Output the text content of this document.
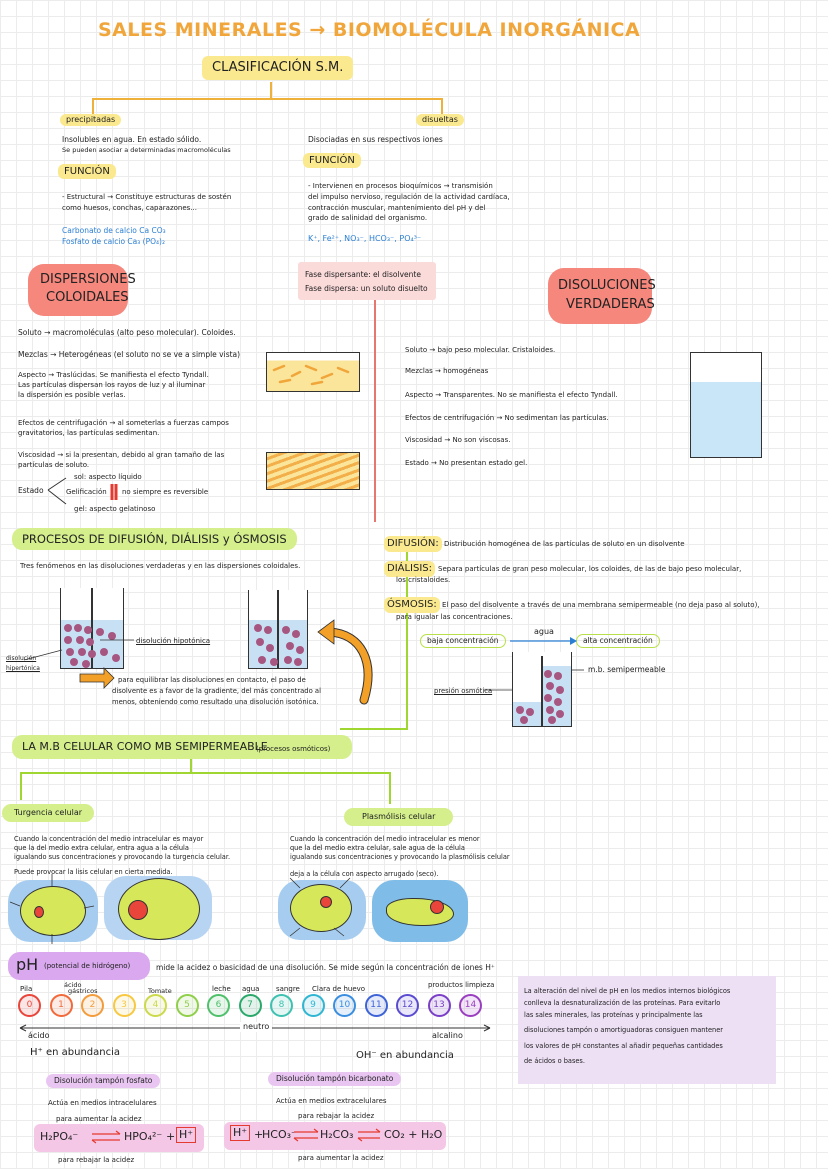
SALES MINERALES → BIOMOLÉCULA INORGÁNICA
CLASIFICACIÓN S.M.
precipitadas
Insolubles en agua. En estado sólido.
Se pueden asociar a determinadas macromoléculas
FUNCIÓN
- Estructural → Constituye estructuras de sostén
como huesos, conchas, caparazones...
Carbonato de calcio Ca CO₃
Fosfato de calcio Ca₃ (PO₄)₂
disueltas
Disociadas en sus respectivos iones
FUNCIÓN
- Intervienen en procesos bioquímicos → transmisión
del impulso nervioso, regulación de la actividad cardíaca,
contracción muscular, mantenimiento del pH y del
grado de salinidad del organismo.
K⁺, Fe²⁺, NO₃⁻, HCO₃⁻, PO₄³⁻
Fase dispersante: el disolvente
Fase dispersa: un soluto disuelto
DISPERSIONES
COLOIDALES
Soluto → macromoléculas (alto peso molecular). Coloides.
Mezclas → Heterogéneas (el soluto no se ve a simple vista)
Aspecto → Traslúcidas. Se manifiesta el efecto Tyndall.
Las partículas dispersan los rayos de luz y al iluminar
la dispersión es posible verlas.
Efectos de centrifugación → al someterlas a fuerzas campos
gravitatorios, las partículas sedimentan.
Viscosidad → si la presentan, debido al gran tamaño de las
partículas de soluto.
Estado
sol: aspecto líquido
Gelificación no siempre es reversible
gel: aspecto gelatinoso
DISOLUCIONES
VERDADERAS
Soluto → bajo peso molecular. Cristaloides.
Mezclas → homogéneas
Aspecto → Transparentes. No se manifiesta el efecto Tyndall.
Efectos de centrifugación → No sedimentan las partículas.
Viscosidad → No son viscosas.
Estado → No presentan estado gel.
PROCESOS DE DIFUSIÓN, DIÁLISIS y ÓSMOSIS
Tres fenómenos en las disoluciones verdaderas y en las dispersiones coloidales.
disolución hipotónica
disolución hipertónica
para equilibrar las disoluciones en contacto, el paso de
disolvente es a favor de la gradiente, del más concentrado al
menos, obteniendo como resultado una disolución isotónica.
DIFUSIÓN: Distribución homogénea de las partículas de soluto en un disolvente
DIÁLISIS: Separa partículas de gran peso molecular, los coloides, de las de bajo peso molecular,
los cristaloides.
ÓSMOSIS: El paso del disolvente a través de una membrana semipermeable (no deja paso al soluto),
para igualar las concentraciones.
baja concentración
agua
alta concentración
m.b. semipermeable
presión osmótica
LA M.B CELULAR COMO MB SEMIPERMEABLE
(procesos osmóticos)
Turgencia celular
Cuando la concentración del medio intracelular es mayor
que la del medio extra celular, entra agua a la célula
igualando sus concentraciones y provocando la turgencia celular.
Puede provocar la lisis celular en cierta medida.
Plasmólisis celular
Cuando la concentración del medio intracelular es menor
que la del medio extra celular, sale agua de la célula
igualando sus concentraciones y provocando la plasmólisis celular
deja a la célula con aspecto arrugado (seco).
pH (potencial de hidrógeno)	mide la acidez o basicidad de una disolución. Se mide según la concentración de iones H⁺
Pila	ácido
gástricos	Tomate	leche agua sangre Clara de huevo	productos limpieza
0	1	2	3	4	5	6	7	8	9	10	11	12	13	14
ácido
neutro
alcalino
H⁺ en abundancia	OH⁻ en abundancia
La alteración del nivel de pH en los medios internos biológicos
conlleva la desnaturalización de las proteínas. Para evitarlo
las sales minerales, las proteínas y principalmente las
disoluciones tampón o amortiguadoras consiguen mantener
los valores de pH constantes al añadir pequeñas cantidades
de ácidos o bases.
Disolución tampón fosfato
Actúa en medios intracelulares
para aumentar la acidez
H₂PO₄⁻	HPO₄²⁻ + H⁺
para rebajar la acidez
Disolución tampón bicarbonato
Actúa en medios extracelulares
para rebajar la acidez
H⁺ +
HCO₃⁻ H₂CO₃	CO₂ + H₂O
para aumentar la acidez
